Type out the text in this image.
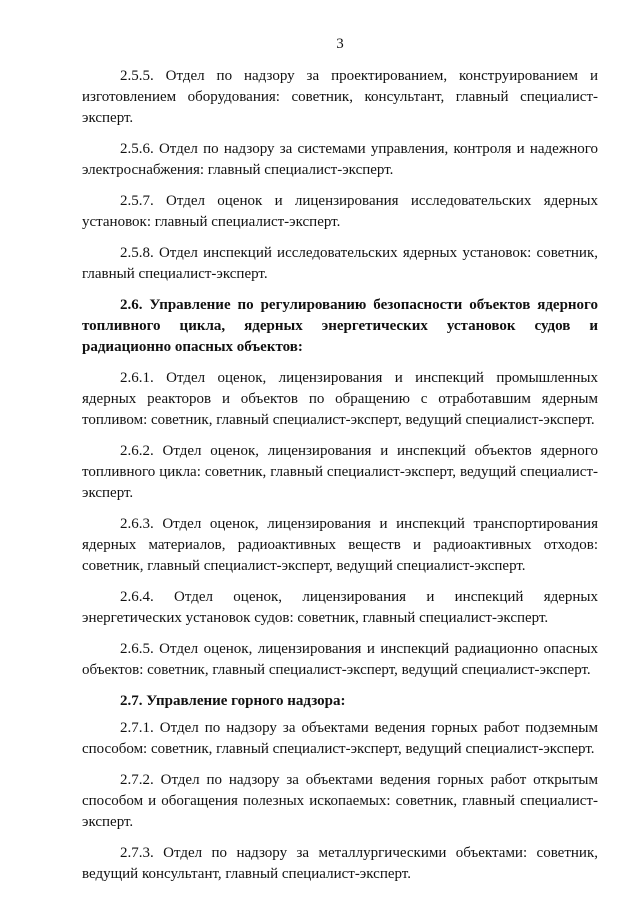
3

2.5.5. Отдел по надзору за проектированием, конструированием и изготовлением оборудования: советник, консультант, главный специалист-эксперт.

2.5.6. Отдел по надзору за системами управления, контроля и надежного электроснабжения: главный специалист-эксперт.

2.5.7. Отдел оценок и лицензирования исследовательских ядерных установок: главный специалист-эксперт.

2.5.8. Отдел инспекций исследовательских ядерных установок: советник, главный специалист-эксперт.

2.6. Управление по регулированию безопасности объектов ядерного топливного цикла, ядерных энергетических установок судов и радиационно опасных объектов:

2.6.1. Отдел оценок, лицензирования и инспекций промышленных ядерных реакторов и объектов по обращению с отработавшим ядерным топливом: советник, главный специалист-эксперт, ведущий специалист-эксперт.

2.6.2. Отдел оценок, лицензирования и инспекций объектов ядерного топливного цикла: советник, главный специалист-эксперт, ведущий специалист-эксперт.

2.6.3. Отдел оценок, лицензирования и инспекций транспортирования ядерных материалов, радиоактивных веществ и радиоактивных отходов: советник, главный специалист-эксперт, ведущий специалист-эксперт.

2.6.4. Отдел оценок, лицензирования и инспекций ядерных энергетических установок судов: советник, главный специалист-эксперт.

2.6.5. Отдел оценок, лицензирования и инспекций радиационно опасных объектов: советник, главный специалист-эксперт, ведущий специалист-эксперт.

2.7. Управление горного надзора:

2.7.1. Отдел по надзору за объектами ведения горных работ подземным способом: советник, главный специалист-эксперт, ведущий специалист-эксперт.

2.7.2. Отдел по надзору за объектами ведения горных работ открытым способом и обогащения полезных ископаемых: советник, главный специалист-эксперт.

2.7.3. Отдел по надзору за металлургическими объектами: советник, ведущий консультант, главный специалист-эксперт.
